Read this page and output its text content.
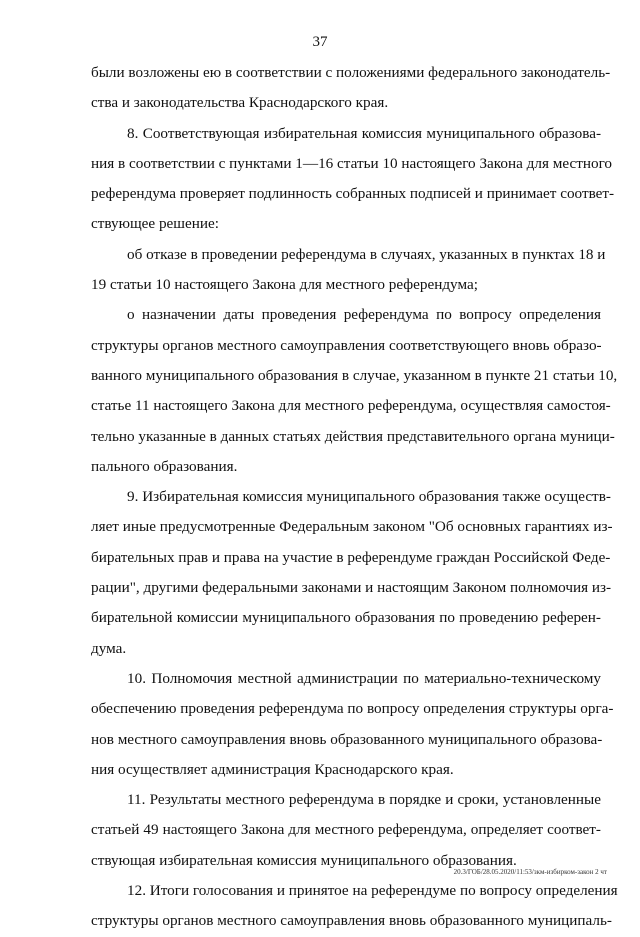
37
были возложены ею в соответствии с положениями федерального законодатель-
ства и законодательства Краснодарского края.
8. Соответствующая избирательная комиссия муниципального образова-
ния в соответствии с пунктами 1—16 статьи 10 настоящего Закона для местного
референдума проверяет подлинность собранных подписей и принимает соответ-
ствующее решение:
об отказе в проведении референдума в случаях, указанных в пунктах 18 и
19 статьи 10 настоящего Закона для местного референдума;
о назначении даты проведения референдума по вопросу определения
структуры органов местного самоуправления соответствующего вновь образо-
ванного муниципального образования в случае, указанном в пункте 21 статьи 10,
статье 11 настоящего Закона для местного референдума, осуществляя самостоя-
тельно указанные в данных статьях действия представительного органа муници-
пального образования.
9. Избирательная комиссия муниципального образования также осуществ-
ляет иные предусмотренные Федеральным законом "Об основных гарантиях из-
бирательных прав и права на участие в референдуме граждан Российской Феде-
рации", другими федеральными законами и настоящим Законом полномочия из-
бирательной комиссии муниципального образования по проведению референ-
дума.
10. Полномочия местной администрации по материально-техническому
обеспечению проведения референдума по вопросу определения структуры орга-
нов местного самоуправления вновь образованного муниципального образова-
ния осуществляет администрация Краснодарского края.
11. Результаты местного референдума в порядке и сроки, установленные
статьей 49 настоящего Закона для местного референдума, определяет соответ-
ствующая избирательная комиссия муниципального образования.
12. Итоги голосования и принятое на референдуме по вопросу определения
структуры органов местного самоуправления вновь образованного муниципаль-
20.3/ГОБ/28.05.2020/11:53/зкм-избирком-закон 2 чт
